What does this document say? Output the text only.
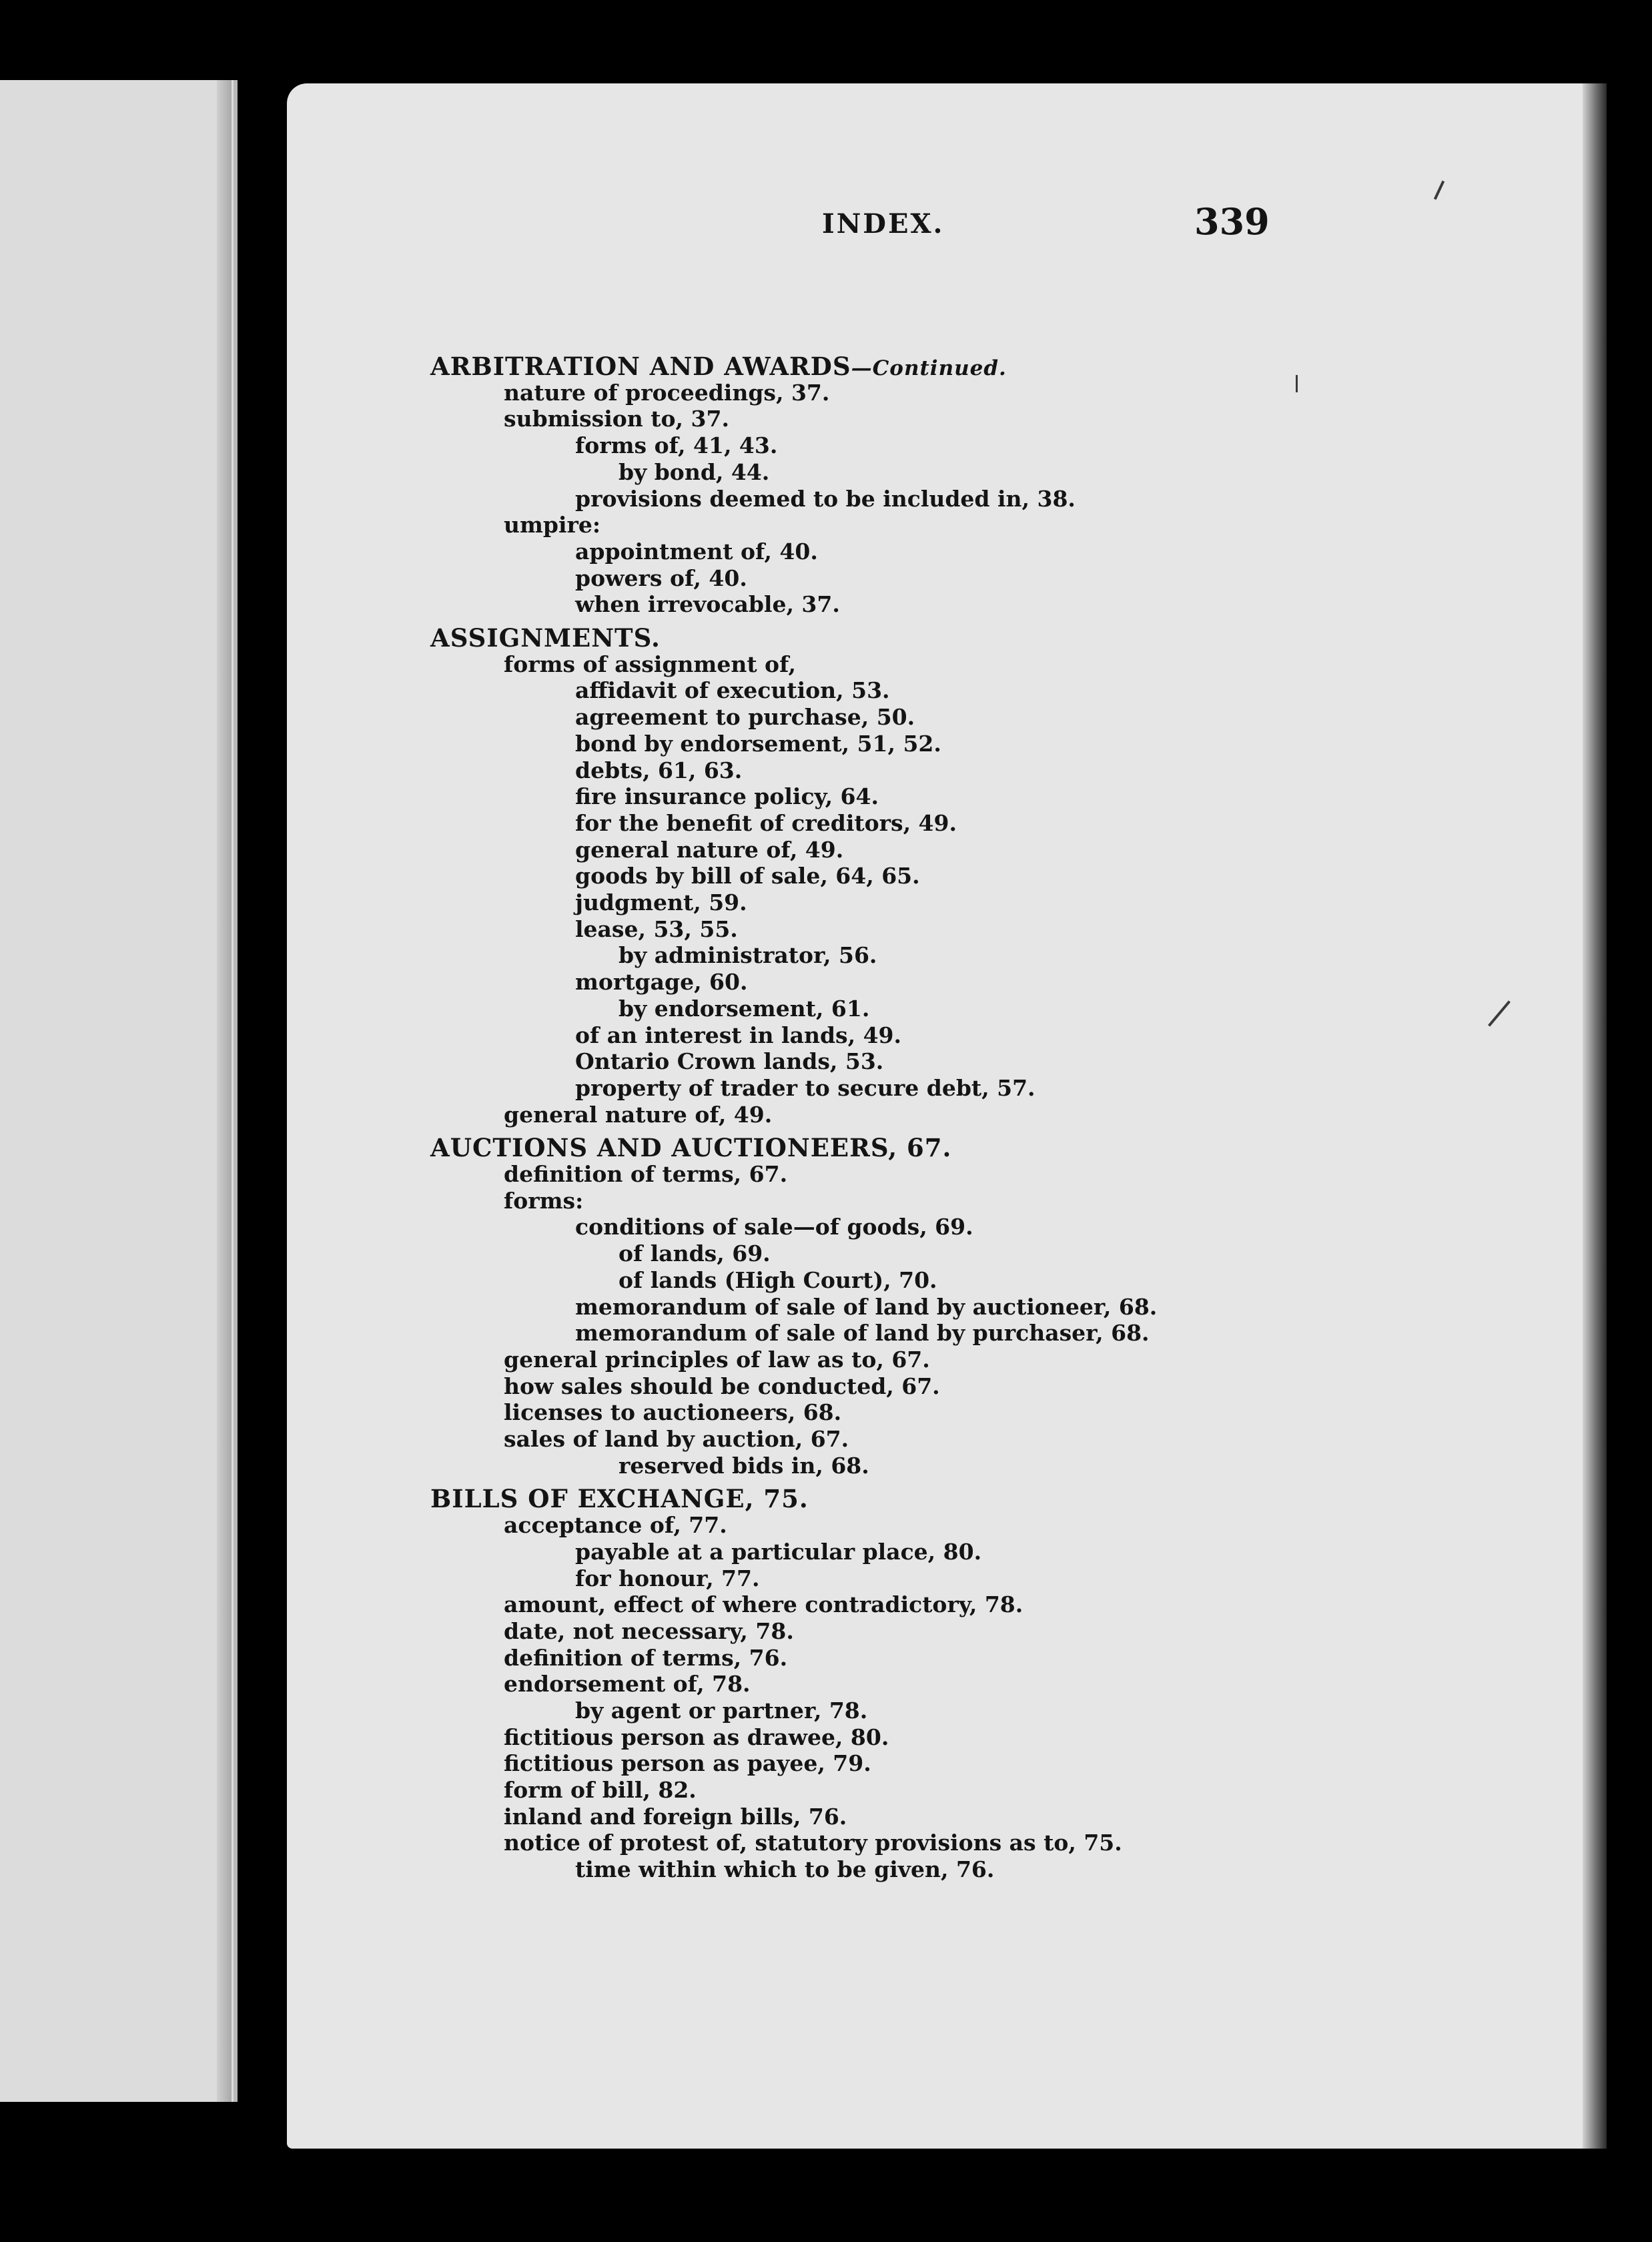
INDEX.	339
ARBITRATION AND AWARDS—Continued.
nature of proceedings, 37.
submission to, 37.
forms of, 41, 43.
by bond, 44.
provisions deemed to be included in, 38.
umpire:
appointment of, 40.
powers of, 40.
when irrevocable, 37.
ASSIGNMENTS.
forms of assignment of,
affidavit of execution, 53.
agreement to purchase, 50.
bond by endorsement, 51, 52.
debts, 61, 63.
fire insurance policy, 64.
for the benefit of creditors, 49.
general nature of, 49.
goods by bill of sale, 64, 65.
judgment, 59.
lease, 53, 55.
by administrator, 56.
mortgage, 60.
by endorsement, 61.
of an interest in lands, 49.
Ontario Crown lands, 53.
property of trader to secure debt, 57.
general nature of, 49.
AUCTIONS AND AUCTIONEERS, 67.
definition of terms, 67.
forms:
conditions of sale—of goods, 69.
of lands, 69.
of lands (High Court), 70.
memorandum of sale of land by auctioneer, 68.
memorandum of sale of land by purchaser, 68.
general principles of law as to, 67.
how sales should be conducted, 67.
licenses to auctioneers, 68.
sales of land by auction, 67.
reserved bids in, 68.
BILLS OF EXCHANGE, 75.
acceptance of, 77.
payable at a particular place, 80.
for honour, 77.
amount, effect of where contradictory, 78.
date, not necessary, 78.
definition of terms, 76.
endorsement of, 78.
by agent or partner, 78.
fictitious person as drawee, 80.
fictitious person as payee, 79.
form of bill, 82.
inland and foreign bills, 76.
notice of protest of, statutory provisions as to, 75.
time within which to be given, 76.
